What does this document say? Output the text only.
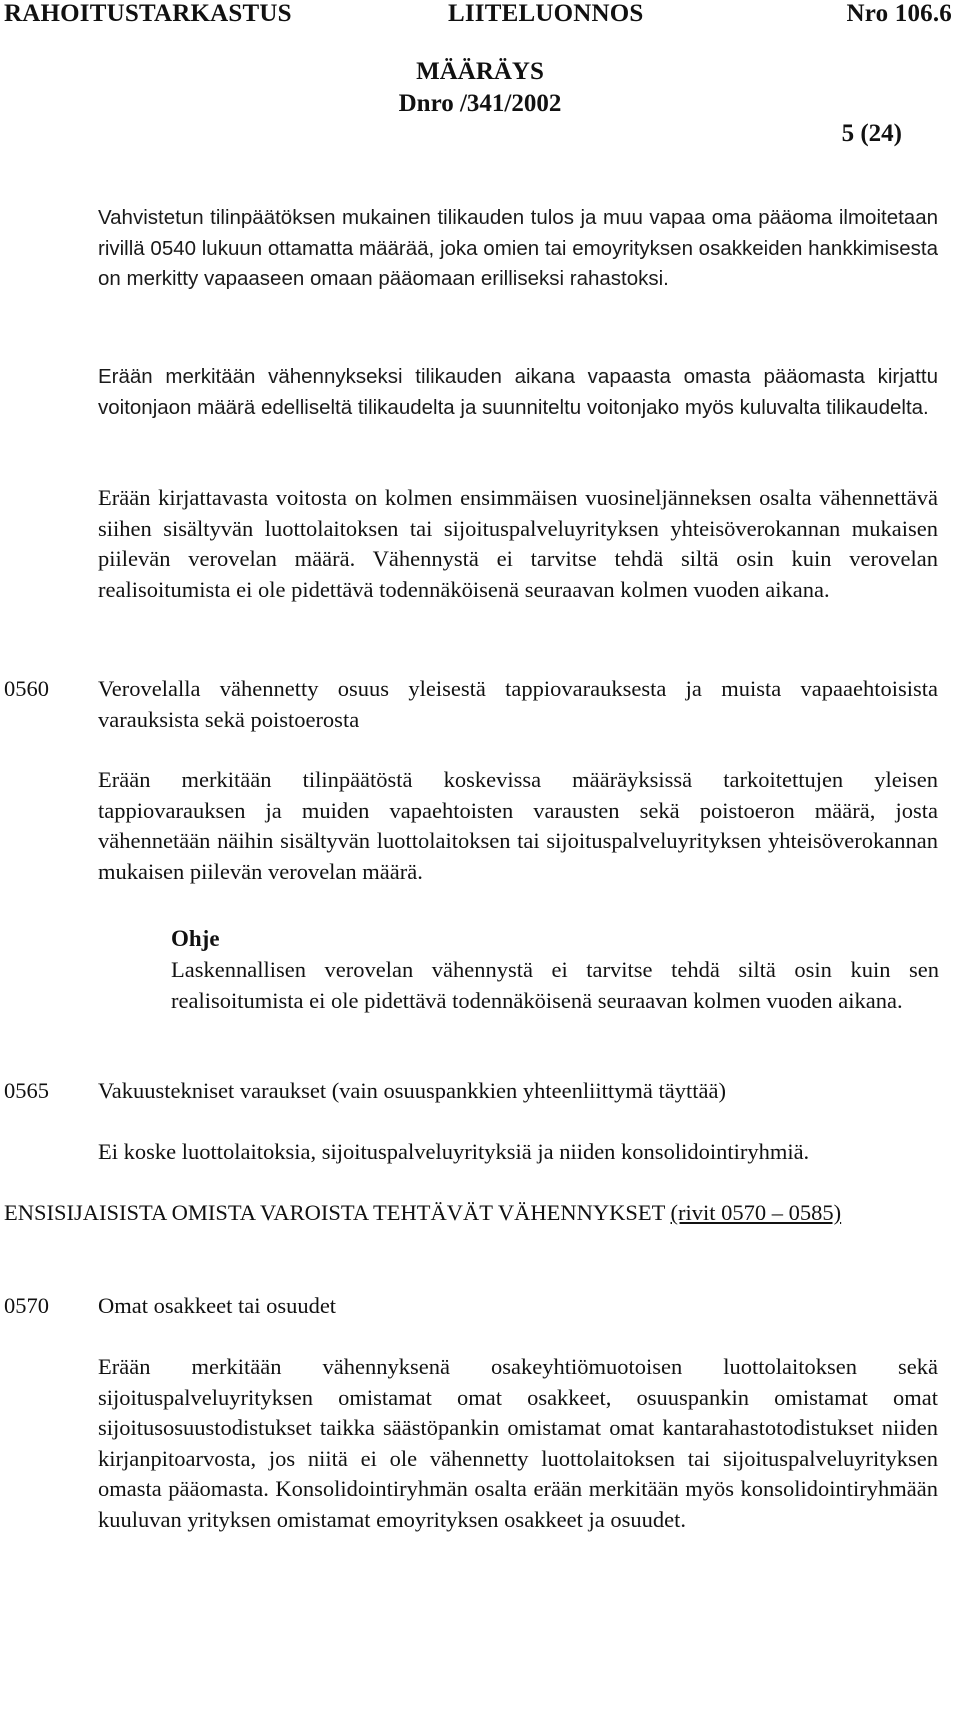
RAHOITUSTARKASTUS	LIITELUONNOS	Nro 106.6
MÄÄRÄYS
Dnro /341/2002
5 (24)
Vahvistetun tilinpäätöksen mukainen tilikauden tulos ja muu vapaa oma pääoma ilmoitetaan rivillä 0540 lukuun ottamatta määrää, joka omien tai emoyrityksen osakkeiden hankkimisesta on merkitty vapaaseen omaan pääomaan erilliseksi rahastoksi.
Erään merkitään vähennykseksi tilikauden aikana vapaasta omasta pääomasta kirjattu voitonjaon määrä edelliseltä tilikaudelta ja suunniteltu voitonjako myös kuluvalta tilikaudelta.
Erään kirjattavasta voitosta on kolmen ensimmäisen vuosineljänneksen osalta vähennettävä siihen sisältyvän luottolaitoksen tai sijoituspalveluyrityksen yhteisöverokannan mukaisen piilevän verovelan määrä. Vähennystä ei tarvitse tehdä siltä osin kuin verovelan realisoitumista ei ole pidettävä todennäköisenä seuraavan kolmen vuoden aikana.
0560 Verovelalla vähennetty osuus yleisestä tappiovarauksesta ja muista vapaaehtoisista varauksista sekä poistoerosta
Erään merkitään tilinpäätöstä koskevissa määräyksissä tarkoitettujen yleisen tappiovarauksen ja muiden vapaehtoisten varausten sekä poistoeron määrä, josta vähennetään näihin sisältyvän luottolaitoksen tai sijoituspalveluyrityksen yhteisöverokannan mukaisen piilevän verovelan määrä.
Ohje
Laskennallisen verovelan vähennystä ei tarvitse tehdä siltä osin kuin sen realisoitumista ei ole pidettävä todennäköisenä seuraavan kolmen vuoden aikana.
0565 Vakuustekniset varaukset (vain osuuspankkien yhteenliittymä täyttää)
Ei koske luottolaitoksia, sijoituspalveluyrityksiä ja niiden konsolidointiryhmiä.
ENSISIJAISISTA OMISTA VAROISTA TEHTÄVÄT VÄHENNYKSET (rivit 0570 – 0585)
0570 Omat osakkeet tai osuudet
Erään merkitään vähennyksenä osakeyhtiömuotoisen luottolaitoksen sekä sijoituspalveluyrityksen omistamat omat osakkeet, osuuspankin omistamat omat sijoitusosuustodistukset taikka säästöpankin omistamat omat kantarahastotodistukset niiden kirjanpitoarvosta, jos niitä ei ole vähennetty luottolaitoksen tai sijoituspalveluyrityksen omasta pääomasta. Konsolidointiryhmän osalta erään merkitään myös konsolidointiryhmään kuuluvan yrityksen omistamat emoyrityksen osakkeet ja osuudet.
